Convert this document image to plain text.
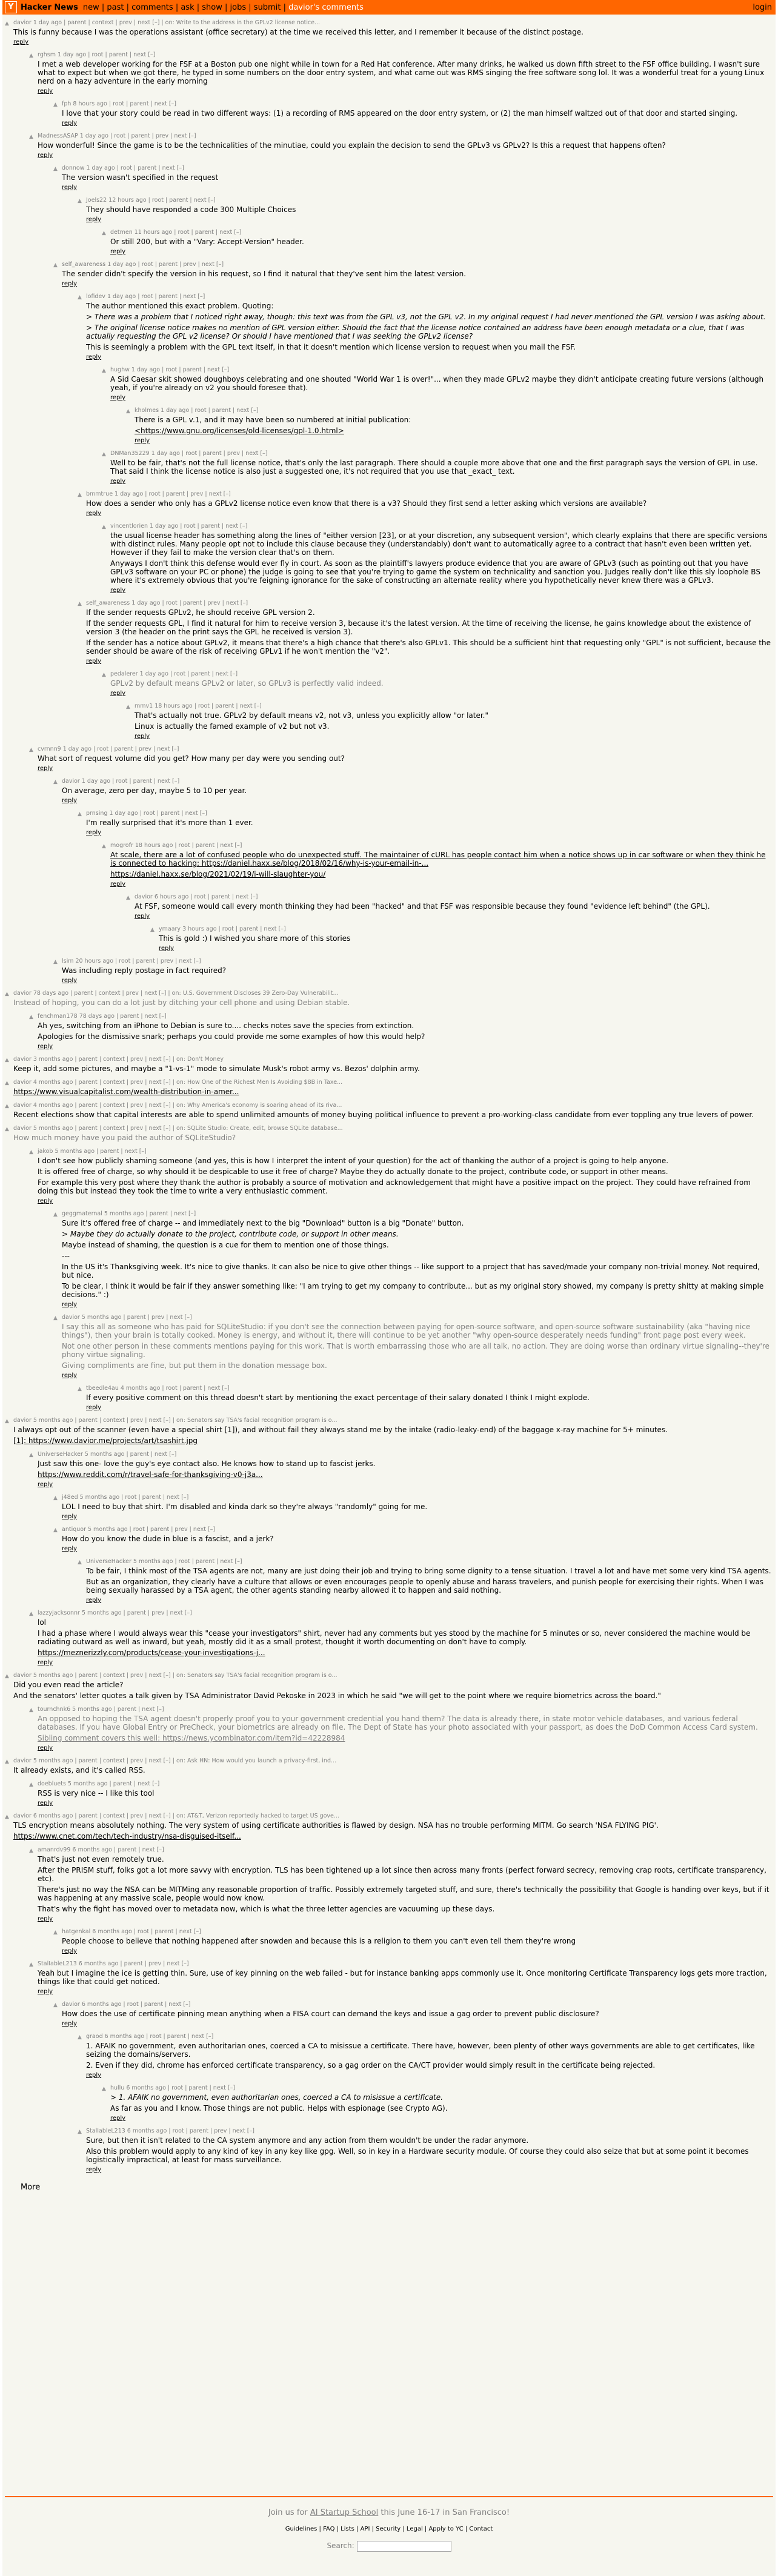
Y Hacker News new | past | comments | ask | show | jobs | submit | davior's comments	login
▲ davior 1 day ago | parent | context | prev | next [–] | on: Write to the address in the GPLv2 license notice...
This is funny because I was the operations assistant (office secretary) at the time we received this letter, and I remember it because of the distinct postage.
reply
▲ rghsm 1 day ago | root | parent | next [–]
I met a web developer working for the FSF at a Boston pub one night while in town for a Red Hat conference. After many drinks, he walked us down fifth street to the FSF office building. I wasn't sure what to expect but when we got there, he typed in some numbers on the door entry system, and what came out was RMS singing the free software song lol. It was a wonderful treat for a young Linux nerd on a hazy adventure in the early morning
reply
▲ fph 8 hours ago | root | parent | next [–]
I love that your story could be read in two different ways: (1) a recording of RMS appeared on the door entry system, or (2) the man himself waltzed out of that door and started singing.
reply
▲ MadnessASAP 1 day ago | root | parent | prev | next [–]
How wonderful! Since the game is to be the technicalities of the minutiae, could you explain the decision to send the GPLv3 vs GPLv2? Is this a request that happens often?
reply
▲ donnow 1 day ago | root | parent | next [–]
The version wasn't specified in the request
reply
▲ Joels22 12 hours ago | root | parent | next [–]
They should have responded a code 300 Multiple Choices
reply
▲ detmen 11 hours ago | root | parent | next [–]
Or still 200, but with a "Vary: Accept-Version" header.
reply
▲ self_awareness 1 day ago | root | parent | prev | next [–]
The sender didn't specify the version in his request, so I find it natural that they've sent him the latest version.
reply
▲ lofidev 1 day ago | root | parent | next [–]
The author mentioned this exact problem. Quoting:

> There was a problem that I noticed right away, though: this text was from the GPL v3, not the GPL v2. In my original request I had never mentioned the GPL version I was asking about.

> The original license notice makes no mention of GPL version either. Should the fact that the license notice contained an address have been enough metadata or a clue, that I was actually requesting the GPL v2 license? Or should I have mentioned that I was seeking the GPLv2 license?

This is seemingly a problem with the GPL text itself, in that it doesn't mention which license version to request when you mail the FSF.

reply
▲ hughw 1 day ago | root | parent | next [–]
A Sid Caesar skit showed doughboys celebrating and one shouted "World War 1 is over!"... when they made GPLv2 maybe they didn't anticipate creating future versions (although yeah, if you're already on v2 you should foresee that).
reply
▲ kholmes 1 day ago | root | parent | next [–]
There is a GPL v.1, and it may have been so numbered at initial publication:

<https://www.gnu.org/licenses/old-licenses/gpl-1.0.html>

reply
▲ DNMan35229 1 day ago | root | parent | prev | next [–]
Well to be fair, that's not the full license notice, that's only the last paragraph. There should a couple more above that one and the first paragraph says the version of GPL in use. That said I think the license notice is also just a suggested one, it's not required that you use that _exact_ text.
reply
▲ bmmtrue 1 day ago | root | parent | prev | next [–]
How does a sender who only has a GPLv2 license notice even know that there is a v3? Should they first send a letter asking which versions are available?
reply
▲ vincentlorien 1 day ago | root | parent | next [–]
the usual license header has something along the lines of "either version [23], or at your discretion, any subsequent version", which clearly explains that there are specific versions with distinct rules. Many people opt not to include this clause because they (understandably) don't want to automatically agree to a contract that hasn't even been written yet. However if they fail to make the version clear that's on them.

Anyways I don't think this defense would ever fly in court. As soon as the plaintiff's lawyers produce evidence that you are aware of GPLv3 (such as pointing out that you have GPLv3 software on your PC or phone) the judge is going to see that you're trying to game the system on technicality and sanction you. Judges really don't like this sly loophole BS where it's extremely obvious that you're feigning ignorance for the sake of constructing an alternate reality where you hypothetically never knew there was a GPLv3.

reply
▲ self_awareness 1 day ago | root | parent | prev | next [–]
If the sender requests GPLv2, he should receive GPL version 2.

If the sender requests GPL, I find it natural for him to receive version 3, because it's the latest version. At the time of receiving the license, he gains knowledge about the existence of version 3 (the header on the print says the GPL he received is version 3).

If the sender has a notice about GPLv2, it means that there's a high chance that there's also GPLv1. This should be a sufficient hint that requesting only "GPL" is not sufficient, because the sender should be aware of the risk of receiving GPLv1 if he won't mention the "v2".

reply
▲ pedalerer 1 day ago | root | parent | next [–]
GPLv2 by default means GPLv2 or later, so GPLv3 is perfectly valid indeed.
reply
▲ mmv1 18 hours ago | root | parent | next [–]
That's actually not true. GPLv2 by default means v2, not v3, unless you explicitly allow "or later."

Linux is actually the famed example of v2 but not v3.

reply
▲ cvrnnn9 1 day ago | root | parent | prev | next [–]
What sort of request volume did you get? How many per day were you sending out?
reply
▲ davior 1 day ago | root | parent | next [–]
On average, zero per day, maybe 5 to 10 per year.
reply
▲ prnsing 1 day ago | root | parent | next [–]
I'm really surprised that it's more than 1 ever.
reply
▲ mogrofr 18 hours ago | root | parent | next [–]
At scale, there are a lot of confused people who do unexpected stuff. The maintainer of cURL has people contact him when a notice shows up in car software or when they think he is connected to hacking: https://daniel.haxx.se/blog/2018/02/16/why-is-your-email-in-...

https://daniel.haxx.se/blog/2021/02/19/i-will-slaughter-you/

reply
▲ davior 6 hours ago | root | parent | next [–]
At FSF, someone would call every month thinking they had been "hacked" and that FSF was responsible because they found "evidence left behind" (the GPL).
reply
▲ ymaary 3 hours ago | root | parent | next [–]
This is gold :) I wished you share more of this stories
reply
▲ lsim 20 hours ago | root | parent | prev | next [–]
Was including reply postage in fact required?
reply
▲ davior 78 days ago | parent | context | prev | next [–] | on: U.S. Government Discloses 39 Zero-Day Vulnerabilit...
Instead of hoping, you can do a lot just by ditching your cell phone and using Debian stable.
▲ fenchman178 78 days ago | parent | next [–]
Ah yes, switching from an iPhone to Debian is sure to.... checks notes save the species from extinction.

Apologies for the dismissive snark; perhaps you could provide me some examples of how this would help?

reply
▲ davior 3 months ago | parent | context | prev | next [–] | on: Don't Money
Keep it, add some pictures, and maybe a "1-vs-1" mode to simulate Musk's robot army vs. Bezos' dolphin army.
▲ davior 4 months ago | parent | context | prev | next [–] | on: How One of the Richest Men Is Avoiding $8B in Taxe...
https://www.visualcapitalist.com/wealth-distribution-in-amer...
▲ davior 4 months ago | parent | context | prev | next [–] | on: Why America's economy is soaring ahead of its riva...
Recent elections show that capital interests are able to spend unlimited amounts of money buying political influence to prevent a pro-working-class candidate from ever toppling any true levers of power.
▲ davior 5 months ago | parent | context | prev | next [–] | on: SQLite Studio: Create, edit, browse SQLite database...
How much money have you paid the author of SQLiteStudio?
▲ jakob 5 months ago | parent | next [–]
I don't see how publicly shaming someone (and yes, this is how I interpret the intent of your question) for the act of thanking the author of a project is going to help anyone.

It is offered free of charge, so why should it be despicable to use it free of charge? Maybe they do actually donate to the project, contribute code, or support in other means.

For example this very post where they thank the author is probably a source of motivation and acknowledgement that might have a positive impact on the project. They could have refrained from doing this but instead they took the time to write a very enthusiastic comment.

reply
▲ geggmaternal 5 months ago | parent | next [–]
Sure it's offered free of charge -- and immediately next to the big "Download" button is a big "Donate" button.

> Maybe they do actually donate to the project, contribute code, or support in other means.

Maybe instead of shaming, the question is a cue for them to mention one of those things.

---

In the US it's Thanksgiving week. It's nice to give thanks. It can also be nice to give other things -- like support to a project that has saved/made your company non-trivial money. Not required, but nice.

To be clear, I think it would be fair if they answer something like: "I am trying to get my company to contribute... but as my original story showed, my company is pretty shitty at making simple decisions." :)

reply
▲ davior 5 months ago | parent | prev | next [–]
I say this all as someone who has paid for SQLiteStudio: if you don't see the connection between paying for open-source software, and open-source software sustainability (aka "having nice things"), then your brain is totally cooked. Money is energy, and without it, there will continue to be yet another "why open-source desperately needs funding" front page post every week.

Not one other person in these comments mentions paying for this work. That is worth embarrassing those who are all talk, no action. They are doing worse than ordinary virtue signaling--they're phony virtue signaling.

Giving compliments are fine, but put them in the donation message box.

reply
▲ tbeedle4au 4 months ago | root | parent | next [–]
If every positive comment on this thread doesn't start by mentioning the exact percentage of their salary donated I think I might explode.
reply
▲ davior 5 months ago | parent | context | prev | next [–] | on: Senators say TSA's facial recognition program is o...
I always opt out of the scanner (even have a special shirt [1]), and without fail they always stand me by the intake (radio-leaky-end) of the baggage x-ray machine for 5+ minutes.

[1]: https://www.davior.me/projects/art/tsashirt.jpg

▲ UniverseHacker 5 months ago | parent | next [–]
Just saw this one- love the guy's eye contact also. He knows how to stand up to fascist jerks.

https://www.reddit.com/r/travel-safe-for-thanksgiving-v0-j3a...

reply
▲ j48ed 5 months ago | root | parent | next [–]
LOL I need to buy that shirt. I'm disabled and kinda dark so they're always "randomly" going for me.
reply
▲ antiquor 5 months ago | root | parent | prev | next [–]
How do you know the dude in blue is a fascist, and a jerk?
reply
▲ UniverseHacker 5 months ago | root | parent | next [–]
To be fair, I think most of the TSA agents are not, many are just doing their job and trying to bring some dignity to a tense situation. I travel a lot and have met some very kind TSA agents.

But as an organization, they clearly have a culture that allows or even encourages people to openly abuse and harass travelers, and punish people for exercising their rights. When I was being sexually harassed by a TSA agent, the other agents standing nearby allowed it to happen and said nothing.

reply
▲ lazzyjacksonnr 5 months ago | parent | prev | next [–]
lol

I had a phase where I would always wear this "cease your investigators" shirt, never had any comments but yes stood by the machine for 5 minutes or so, never considered the machine would be radiating outward as well as inward, but yeah, mostly did it as a small protest, thought it worth documenting on don't have to comply.

https://meznerizzly.com/products/cease-your-investigations-j...

reply
▲ davior 5 months ago | parent | context | prev | next [–] | on: Senators say TSA's facial recognition program is o...
Did you even read the article?

And the senators' letter quotes a talk given by TSA Administrator David Pekoske in 2023 in which he said "we will get to the point where we require biometrics across the board."

▲ tournchnk6 5 months ago | parent | next [–]
An opposed to hoping the TSA agent doesn't properly proof you to your government credential you hand them? The data is already there, in state motor vehicle databases, and various federal databases. If you have Global Entry or PreCheck, your biometrics are already on file. The Dept of State has your photo associated with your passport, as does the DoD Common Access Card system.

Sibling comment covers this well: https://news.ycombinator.com/item?id=42228984

reply
▲ davior 5 months ago | parent | context | prev | next [–] | on: Ask HN: How would you launch a privacy-first, ind...
It already exists, and it's called RSS.
▲ doebluets 5 months ago | parent | next [–]
RSS is very nice -- I like this tool
reply
▲ davior 6 months ago | parent | context | prev | next [–] | on: AT&T, Verizon reportedly hacked to target US gove...
TLS encryption means absolutely nothing. The very system of using certificate authorities is flawed by design. NSA has no trouble performing MITM. Go search 'NSA FLYING PIG'.

https://www.cnet.com/tech/tech-industry/nsa-disguised-itself...

▲ amanrdv99 6 months ago | parent | next [–]
That's just not even remotely true.

After the PRISM stuff, folks got a lot more savvy with encryption. TLS has been tightened up a lot since then across many fronts (perfect forward secrecy, removing crap roots, certificate transparency, etc).

There's just no way the NSA can be MITMing any reasonable proportion of traffic. Possibly extremely targeted stuff, and sure, there's technically the possibility that Google is handing over keys, but if it was happening at any massive scale, people would now know.

That's why the fight has moved over to metadata now, which is what the three letter agencies are vacuuming up these days.

reply
▲ hatgenkal 6 months ago | root | parent | next [–]
People choose to believe that nothing happened after snowden and because this is a religion to them you can't even tell them they're wrong
reply
▲ StalIableL213 6 months ago | parent | prev | next [–]
Yeah but I imagine the ice is getting thin. Sure, use of key pinning on the web failed - but for instance banking apps commonly use it. Once monitoring Certificate Transparency logs gets more traction, things like that could get noticed.
reply
▲ davior 6 months ago | root | parent | next [–]
How does the use of certificate pinning mean anything when a FISA court can demand the keys and issue a gag order to prevent public disclosure?
reply
▲ graod 6 months ago | root | parent | next [–]
1. AFAIK no government, even authoritarian ones, coerced a CA to misissue a certificate. There have, however, been plenty of other ways governments are able to get certificates, like seizing the domains/servers.

2. Even if they did, chrome has enforced certificate transparency, so a gag order on the CA/CT provider would simply result in the certificate being rejected.

reply
▲ hullu 6 months ago | root | parent | next [–]
> 1. AFAIK no government, even authoritarian ones, coerced a CA to misissue a certificate.

As far as you and I know. Those things are not public. Helps with espionage (see Crypto AG).

reply
▲ StalIableL213 6 months ago | root | parent | prev | next [–]
Sure, but then it isn't related to the CA system anymore and any action from them wouldn't be under the radar anymore.

Also this problem would apply to any kind of key in any key like gpg. Well, so in key in a Hardware security module. Of course they could also seize that but at some point it becomes logistically impractical, at least for mass surveillance.

reply
More
Join us for AI Startup School this June 16-17 in San Francisco!
Guidelines | FAQ | Lists | API | Security | Legal | Apply to YC | Contact
Search:
